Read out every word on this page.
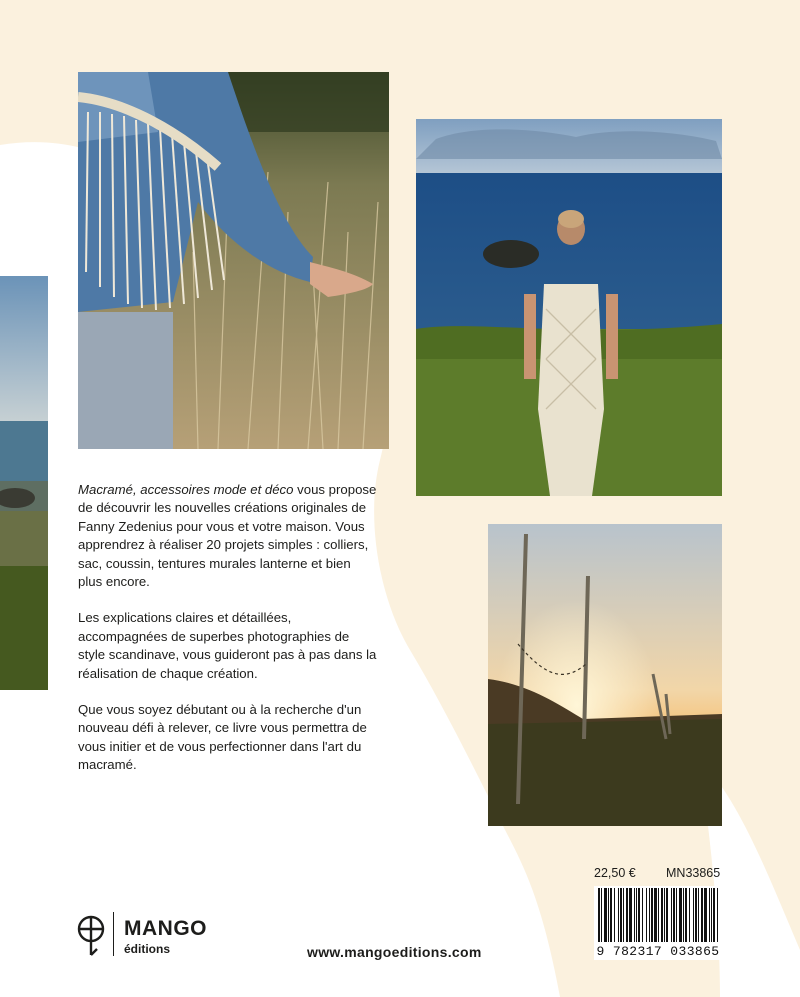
Macramé, accessoires mode et déco vous propose de découvrir les nouvelles créations originales de Fanny Zedenius pour vous et votre maison. Vous apprendrez à réaliser 20 projets simples : colliers, sac, coussin, tentures murales lanterne et bien plus encore.

Les explications claires et détaillées, accompagnées de superbes photographies de style scandinave, vous guideront pas à pas dans la réalisation de chaque création.

Que vous soyez débutant ou à la recherche d'un nouveau défi à relever, ce livre vous permettra de vous initier et de vous perfectionner dans l'art du macramé.

22,50 € MN33865
9 782317 033865
MANGO
éditions	www.mangoeditions.com
